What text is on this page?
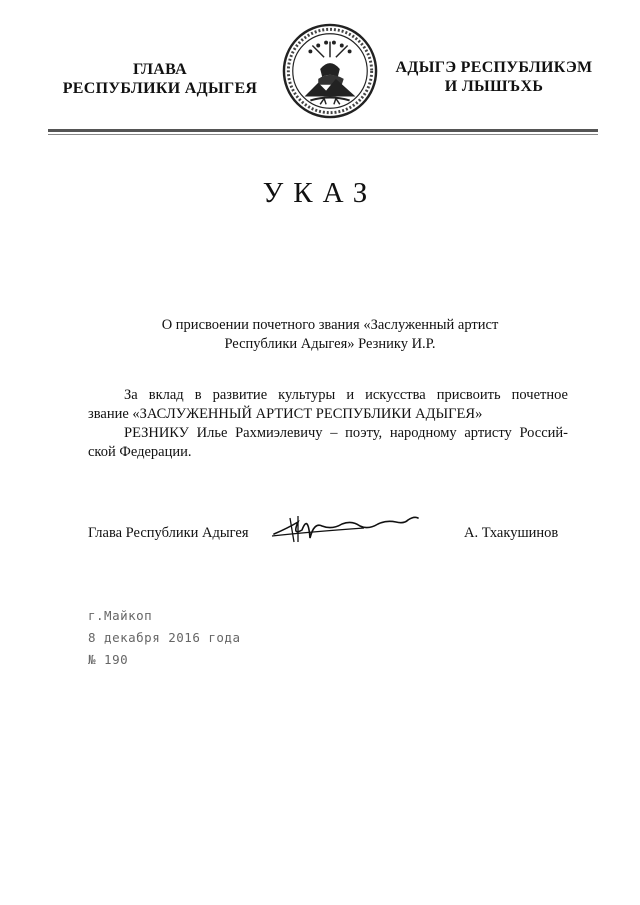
ГЛАВА
РЕСПУБЛИКИ АДЫГЕЯ
АДЫГЭ РЕСПУБЛИКЭМ
И ЛЫШЪХЬ
УКАЗ
О присвоении почетного звания «Заслуженный артист
Республики Адыгея» Резнику И.Р.

За вклад в развитие культуры и искусства присвоить почетное

звание «ЗАСЛУЖЕННЫЙ АРТИСТ РЕСПУБЛИКИ АДЫГЕЯ»

РЕЗНИКУ Илье Рахмиэлевичу – поэту, народному артисту Россий-

ской Федерации.

Глава Республики Адыгея	А. Тхакушинов
г.Майкоп
8 декабря 2016 года
№ 190
